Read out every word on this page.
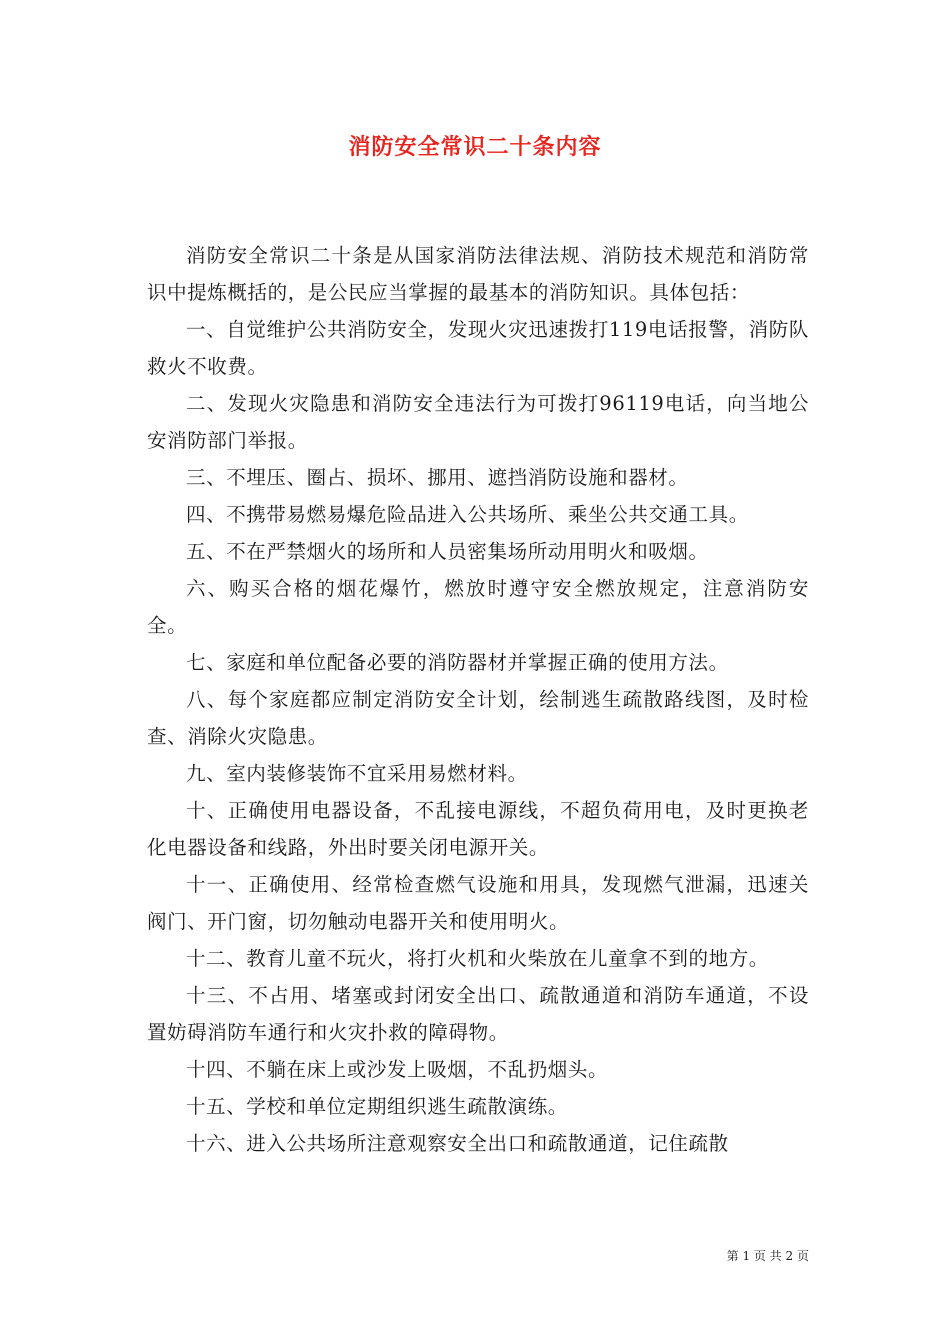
消防安全常识二十条内容

消防安全常识二十条是从国家消防法律法规、消防技术规范和消防常识中提炼概括的，是公民应当掌握的最基本的消防知识。具体包括：

一、自觉维护公共消防安全，发现火灾迅速拨打119电话报警，消防队救火不收费。

二、发现火灾隐患和消防安全违法行为可拨打96119电话，向当地公安消防部门举报。

三、不埋压、圈占、损坏、挪用、遮挡消防设施和器材。

四、不携带易燃易爆危险品进入公共场所、乘坐公共交通工具。

五、不在严禁烟火的场所和人员密集场所动用明火和吸烟。

六、购买合格的烟花爆竹，燃放时遵守安全燃放规定，注意消防安全。

七、家庭和单位配备必要的消防器材并掌握正确的使用方法。

八、每个家庭都应制定消防安全计划，绘制逃生疏散路线图，及时检查、消除火灾隐患。

九、室内装修装饰不宜采用易燃材料。

十、正确使用电器设备，不乱接电源线，不超负荷用电，及时更换老化电器设备和线路，外出时要关闭电源开关。

十一、正确使用、经常检查燃气设施和用具，发现燃气泄漏，迅速关阀门、开门窗，切勿触动电器开关和使用明火。

十二、教育儿童不玩火，将打火机和火柴放在儿童拿不到的地方。

十三、不占用、堵塞或封闭安全出口、疏散通道和消防车通道，不设置妨碍消防车通行和火灾扑救的障碍物。

十四、不躺在床上或沙发上吸烟，不乱扔烟头。

十五、学校和单位定期组织逃生疏散演练。

十六、进入公共场所注意观察安全出口和疏散通道，记住疏散

第 1 页 共 2 页
